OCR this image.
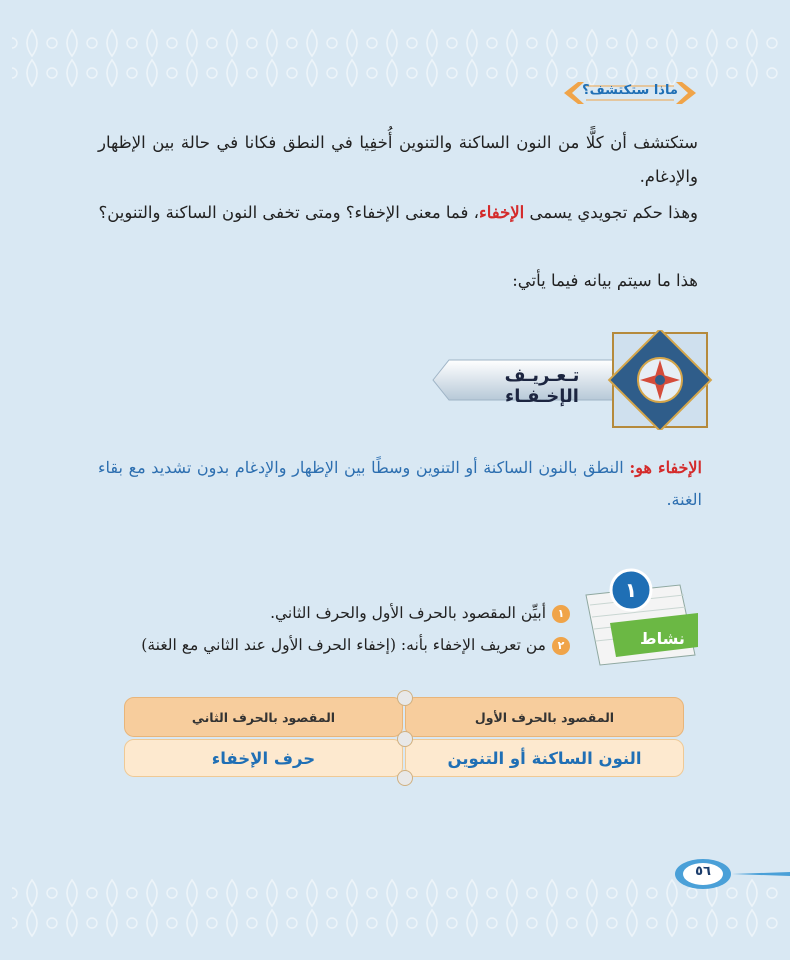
ماذا ستكتشف؟
ستكتشف أن كلًّا من النون الساكنة والتنوين أُخفِيا في النطق فكانا في حالة بين الإظهار والإدغام.
وهذا حكم تجويدي يسمى الإخفاء، فما معنى الإخفاء؟ ومتى تخفى النون الساكنة والتنوين؟
هذا ما سيتم بيانه فيما يأتي:
تـعـريـف الإخـفـاء
الإخفاء هو: النطق بالنون الساكنة أو التنوين وسطًا بين الإظهار والإدغام بدون تشديد مع بقاء الغنة.
١
نشاط
١أبيِّن المقصود بالحرف الأول والحرف الثاني.
٢من تعريف الإخفاء بأنه: (إخفاء الحرف الأول عند الثاني مع الغنة)
المقصود بالحرف الأول
المقصود بالحرف الثاني
النون الساكنة أو التنوين
حرف الإخفاء
٥٦
